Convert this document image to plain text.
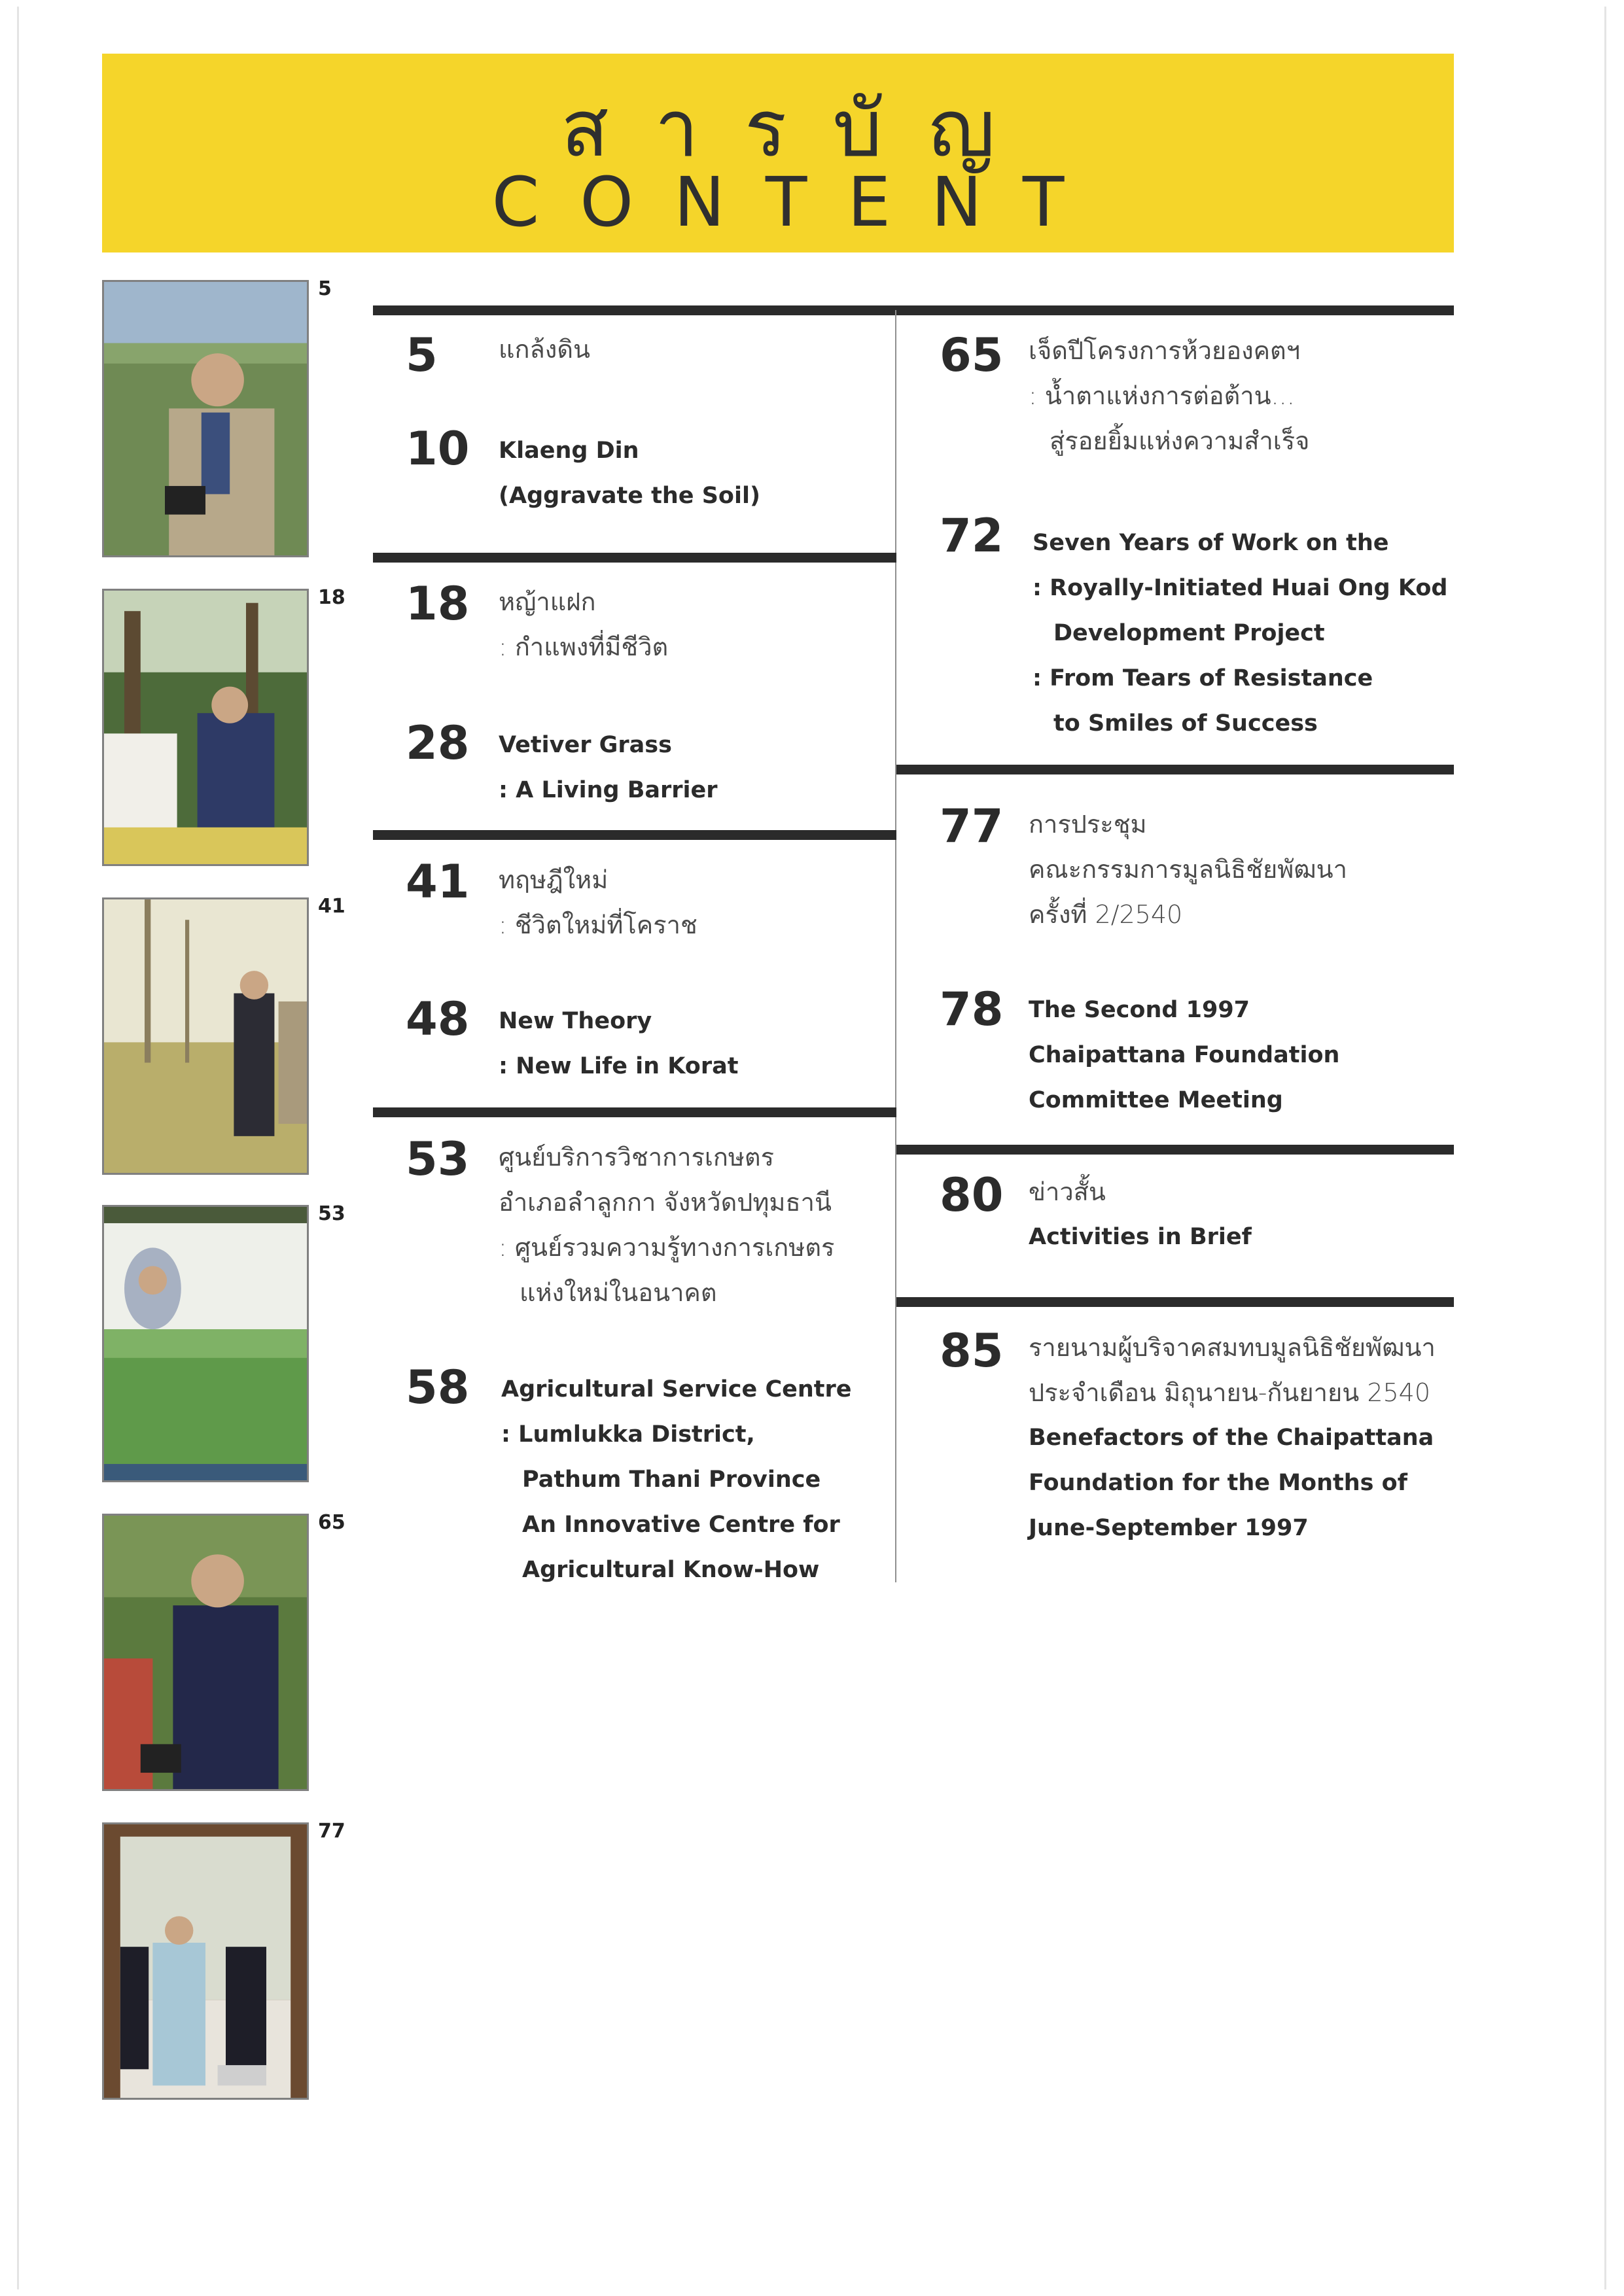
สารบัญ
CONTENT
5
18
41
53
65
77
5 แกล้งดิน
10 Klaeng Din
(Aggravate the Soil)
18 หญ้าแฝก
: กำแพงที่มีชีวิต
28 Vetiver Grass
: A Living Barrier
41 ทฤษฎีใหม่
: ชีวิตใหม่ที่โคราช
48 New Theory
: New Life in Korat
53 ศูนย์บริการวิชาการเกษตร
อำเภอลำลูกกา จังหวัดปทุมธานี
: ศูนย์รวมความรู้ทางการเกษตร
แห่งใหม่ในอนาคต
58 Agricultural Service Centre
: Lumlukka District,
Pathum Thani Province
An Innovative Centre for
Agricultural Know-How
65 เจ็ดปีโครงการห้วยองคตฯ
: น้ำตาแห่งการต่อต้าน...
สู่รอยยิ้มแห่งความสำเร็จ
72 Seven Years of Work on the
: Royally-Initiated Huai Ong Kod
Development Project
: From Tears of Resistance
to Smiles of Success
77 การประชุม
คณะกรรมการมูลนิธิชัยพัฒนา
ครั้งที่ 2/2540
78 The Second 1997
Chaipattana Foundation
Committee Meeting
80 ข่าวสั้น
Activities in Brief
85 รายนามผู้บริจาคสมทบมูลนิธิชัยพัฒนา
ประจำเดือน มิถุนายน-กันยายน 2540
Benefactors of the Chaipattana
Foundation for the Months of
June-September 1997
